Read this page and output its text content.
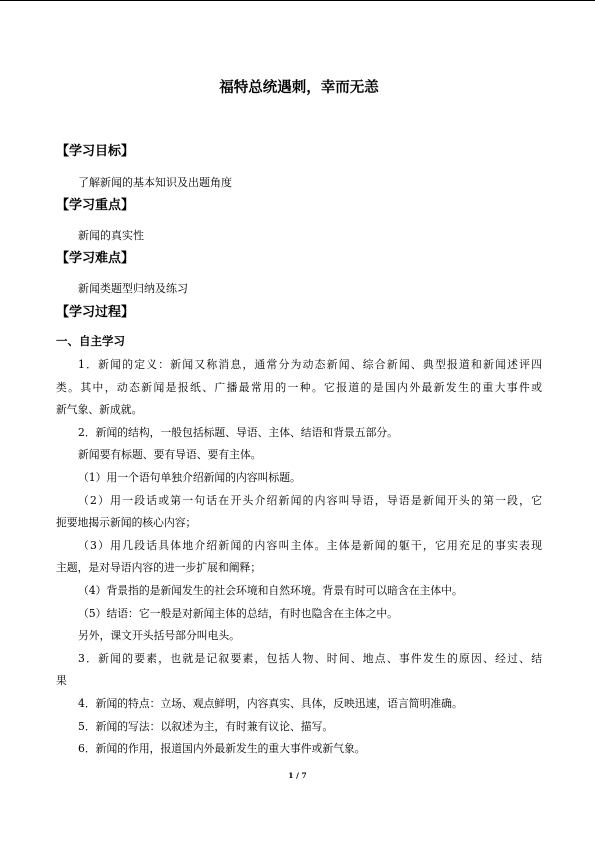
福特总统遇刺，幸而无恙
【学习目标】
了解新闻的基本知识及出题角度
【学习重点】
新闻的真实性
【学习难点】
新闻类题型归纳及练习
【学习过程】
一、自主学习
1．新闻的定义：新闻又称消息，通常分为动态新闻、综合新闻、典型报道和新闻述评四
类。其中，动态新闻是报纸、广播最常用的一种。它报道的是国内外最新发生的重大事件或
新气象、新成就。
2．新闻的结构，一般包括标题、导语、主体、结语和背景五部分。
新闻要有标题、要有导语、要有主体。
（1）用一个语句单独介绍新闻的内容叫标题。
（2）用一段话或第一句话在开头介绍新闻的内容叫导语，导语是新闻开头的第一段，它
扼要地揭示新闻的核心内容；
（3）用几段话具体地介绍新闻的内容叫主体。主体是新闻的躯干，它用充足的事实表现
主题，是对导语内容的进一步扩展和阐释；
（4）背景指的是新闻发生的社会环境和自然环境。背景有时可以暗含在主体中。
（5）结语：它一般是对新闻主体的总结，有时也隐含在主体之中。
另外，课文开头括号部分叫电头。
3．新闻的要素，也就是记叙要素，包括人物、时间、地点、事件发生的原因、经过、结
果
4．新闻的特点：立场、观点鲜明，内容真实、具体，反映迅速，语言简明准确。
5．新闻的写法：以叙述为主，有时兼有议论、描写。
6．新闻的作用，报道国内外最新发生的重大事件或新气象。
1 / 7
